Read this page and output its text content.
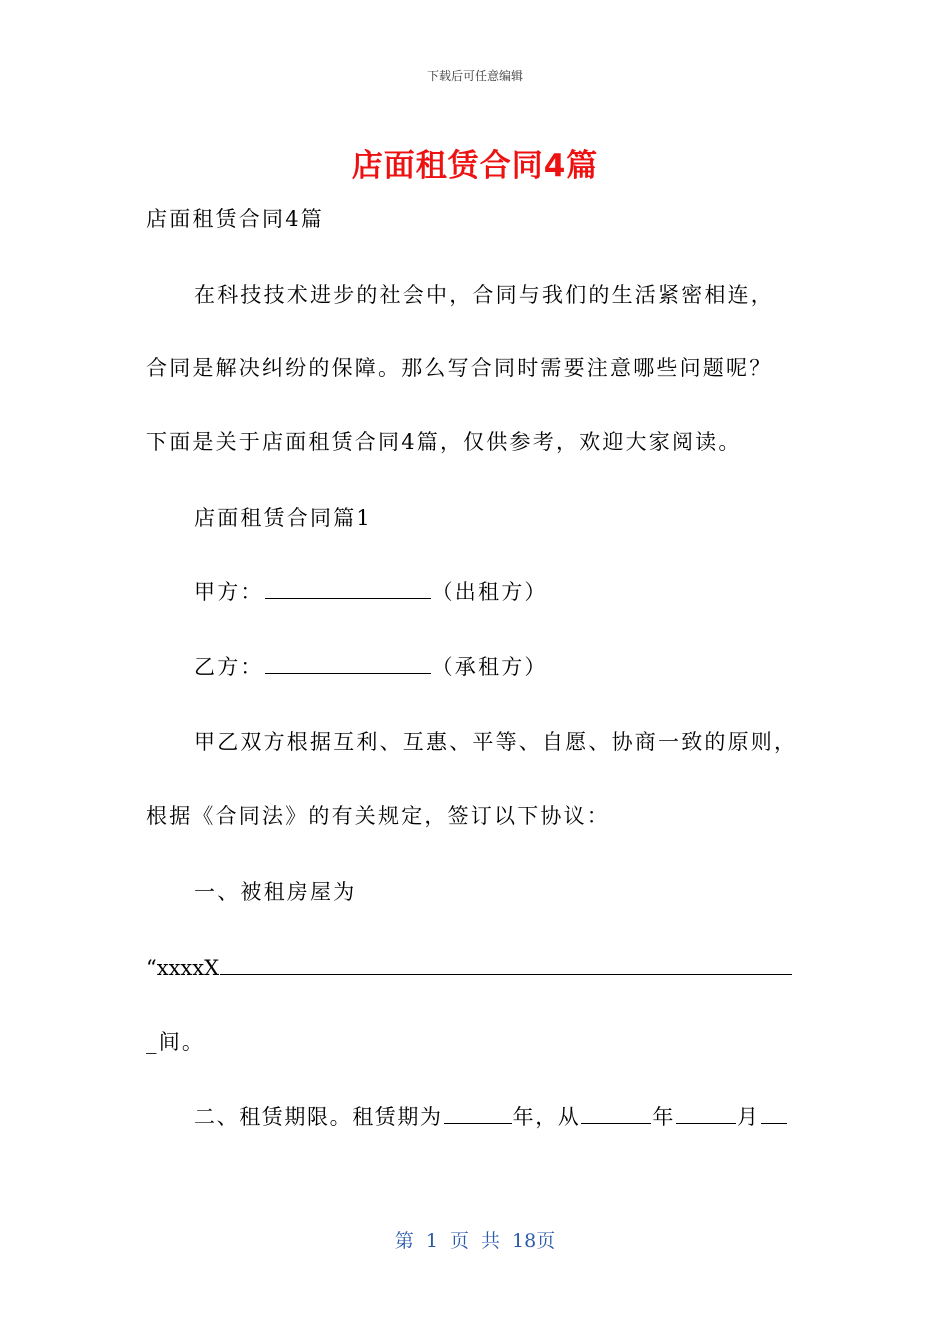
下载后可任意编辑
店面租赁合同4篇
店面租赁合同4篇
在科技技术进步的社会中，合同与我们的生活紧密相连，
合同是解决纠纷的保障。那么写合同时需要注意哪些问题呢？
下面是关于店面租赁合同4篇，仅供参考，欢迎大家阅读。
店面租赁合同篇1
甲方：	（出租方）
乙方：	（承租方）
甲乙双方根据互利、互惠、平等、自愿、协商一致的原则，
根据《合同法》的有关规定，签订以下协议：
一、被租房屋为
“xxxxX
_间。
二、租赁期限。租赁期为	年，从	年	月
第 1 页 共 18页
